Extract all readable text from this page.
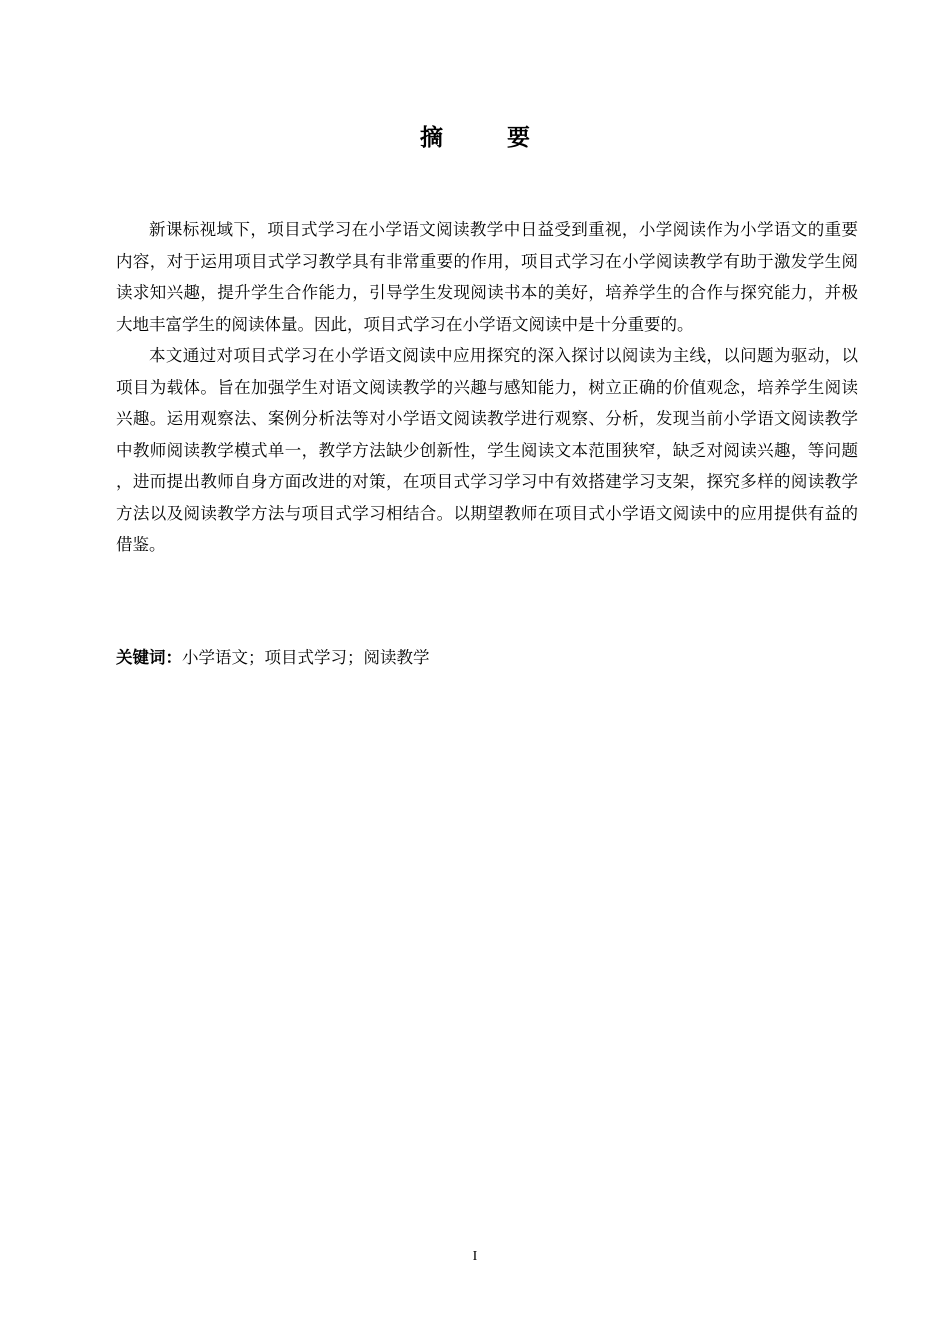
摘 要

新课标视域下，项目式学习在小学语文阅读教学中日益受到重视，小学阅读作为小学语文的重要内容，对于运用项目式学习教学具有非常重要的作用，项目式学习在小学阅读教学有助于激发学生阅读求知兴趣，提升学生合作能力，引导学生发现阅读书本的美好，培养学生的合作与探究能力，并极大地丰富学生的阅读体量。因此，项目式学习在小学语文阅读中是十分重要的。

本文通过对项目式学习在小学语文阅读中应用探究的深入探讨以阅读为主线，以问题为驱动，以项目为载体。旨在加强学生对语文阅读教学的兴趣与感知能力，树立正确的价值观念，培养学生阅读兴趣。运用观察法、案例分析法等对小学语文阅读教学进行观察、分析，发现当前小学语文阅读教学中教师阅读教学模式单一，教学方法缺少创新性，学生阅读文本范围狭窄，缺乏对阅读兴趣，等问题，进而提出教师自身方面改进的对策，在项目式学习学习中有效搭建学习支架，探究多样的阅读教学方法以及阅读教学方法与项目式学习相结合。以期望教师在项目式小学语文阅读中的应用提供有益的借鉴。

关键词：小学语文；项目式学习；阅读教学
I
